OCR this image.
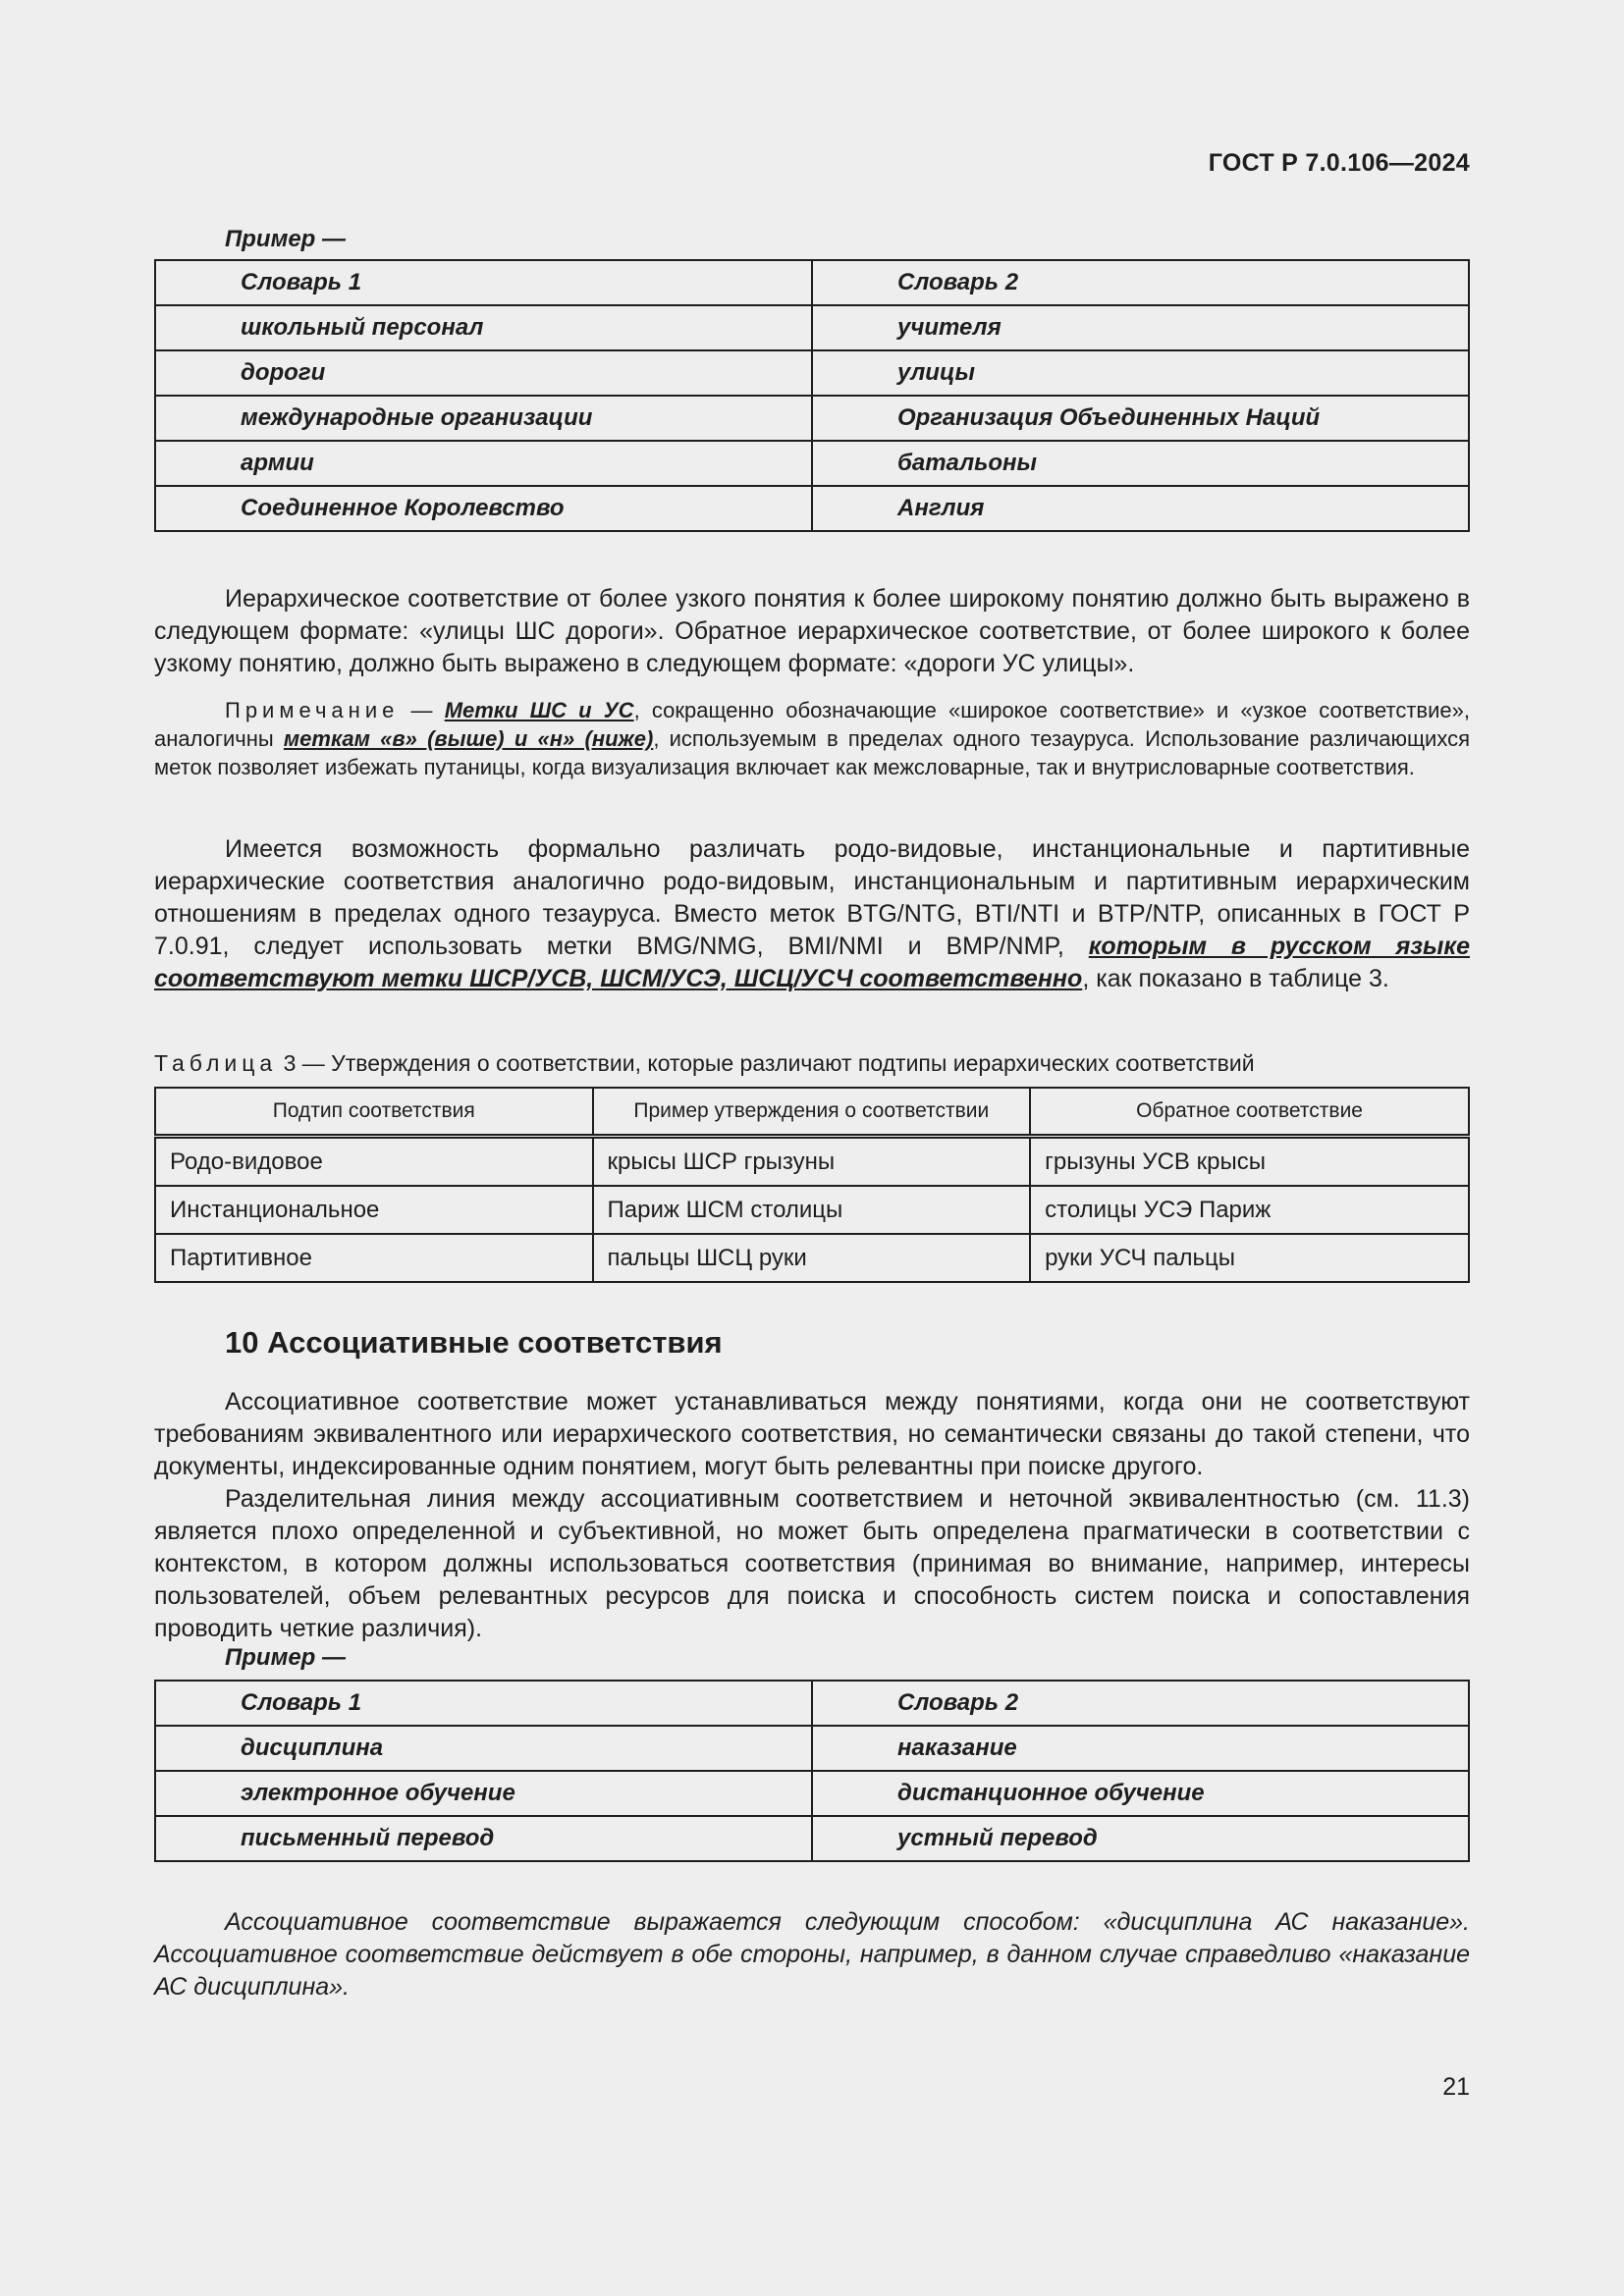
ГОСТ Р 7.0.106—2024
Пример —
Словарь 1	Словарь 2
школьный персонал	учителя
дороги	улицы
международные организации	Организация Объединенных Наций
армии	батальоны
Соединенное Королевство	Англия

Иерархическое соответствие от более узкого понятия к более широкому понятию должно быть выражено в следующем формате: «улицы ШС дороги». Обратное иерархическое соответствие, от более широкого к более узкому понятию, должно быть выражено в следующем формате: «дороги УС улицы».

Примечание — Метки ШС и УС, сокращенно обозначающие «широкое соответствие» и «узкое соответствие», аналогичны меткам «в» (выше) и «н» (ниже), используемым в пределах одного тезауруса. Использование различающихся меток позволяет избежать путаницы, когда визуализация включает как межсловарные, так и внутрисловарные соответствия.

Имеется возможность формально различать родо-видовые, инстанциональные и партитивные иерархические соответствия аналогично родо-видовым, инстанциональным и партитивным иерархическим отношениям в пределах одного тезауруса. Вместо меток BTG/NTG, BTI/NTI и BTP/NTP, описанных в ГОСТ Р 7.0.91, следует использовать метки BMG/NMG, BMI/NMI и BMP/NMP, которым в русском языке соответствуют метки ШСР/УСВ, ШСМ/УСЭ, ШСЦ/УСЧ соответственно, как показано в таблице 3.

Таблица 3 — Утверждения о соответствии, которые различают подтипы иерархических соответствий
Подтип соответствия	Пример утверждения о соответствии	Обратное соответствие
Родо-видовое	крысы ШСР грызуны	грызуны УСВ крысы
Инстанциональное	Париж ШСМ столицы	столицы УСЭ Париж
Партитивное	пальцы ШСЦ руки	руки УСЧ пальцы
10 Ассоциативные соответствия

Ассоциативное соответствие может устанавливаться между понятиями, когда они не соответствуют требованиям эквивалентного или иерархического соответствия, но семантически связаны до такой степени, что документы, индексированные одним понятием, могут быть релевантны при поиске другого.

Разделительная линия между ассоциативным соответствием и неточной эквивалентностью (см. 11.3) является плохо определенной и субъективной, но может быть определена прагматически в соответствии с контекстом, в котором должны использоваться соответствия (принимая во внимание, например, интересы пользователей, объем релевантных ресурсов для поиска и способность систем поиска и сопоставления проводить четкие различия).

Пример —
Словарь 1	Словарь 2
дисциплина	наказание
электронное обучение	дистанционное обучение
письменный перевод	устный перевод

Ассоциативное соответствие выражается следующим способом: «дисциплина АС наказание». Ассоциативное соответствие действует в обе стороны, например, в данном случае справедливо «наказание АС дисциплина».

21
